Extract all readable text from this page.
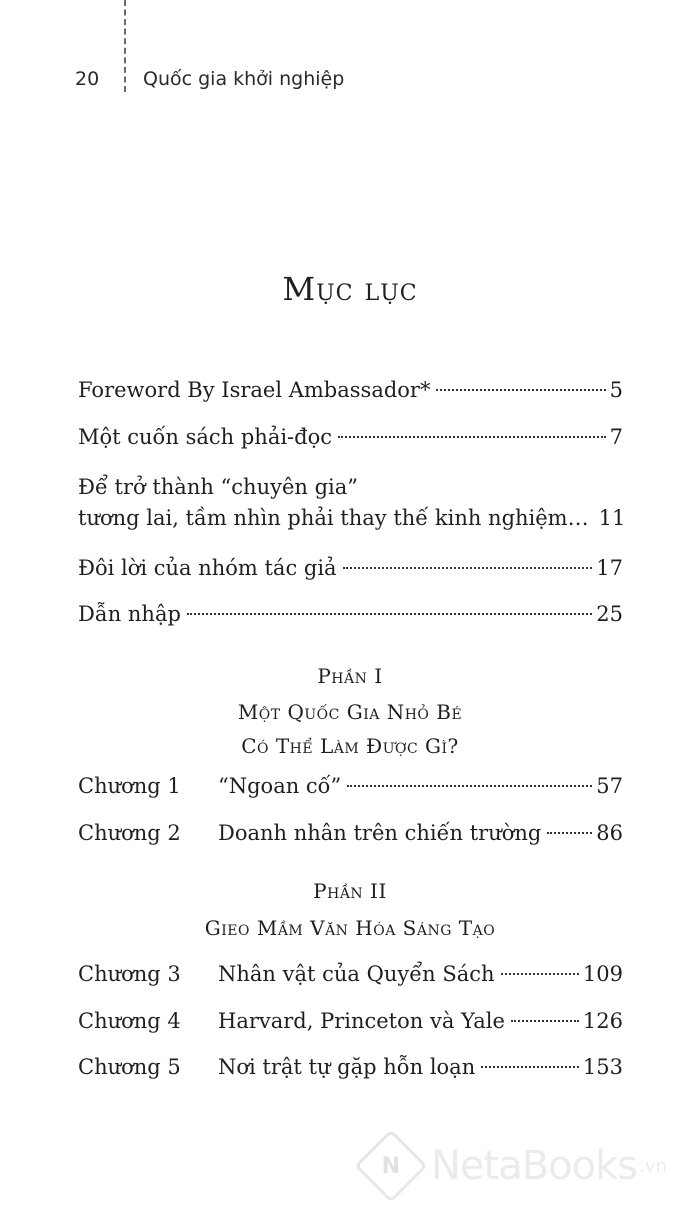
20	Quốc gia khởi nghiệp
Mục lục
Foreword By Israel Ambassador*	5
Một cuốn sách phải-đọc	7
Để trở thành “chuyên gia”
tương lai, tầm nhìn phải thay thế kinh nghiệm… 11
Đôi lời của nhóm tác giả	17
Dẫn nhập	25
Phần I
Một Quốc Gia Nhỏ Bé
Có Thể Làm Được Gì?
Chương 1	“Ngoan cố”	57
Chương 2	Doanh nhân trên chiến trường	86
Phần II
Gieo Mầm Văn Hóa Sáng Tạo
Chương 3	Nhân vật của Quyển Sách	109
Chương 4	Harvard, Princeton và Yale	126
Chương 5	Nơi trật tự gặp hỗn loạn	153
N NetaBooks .vn
